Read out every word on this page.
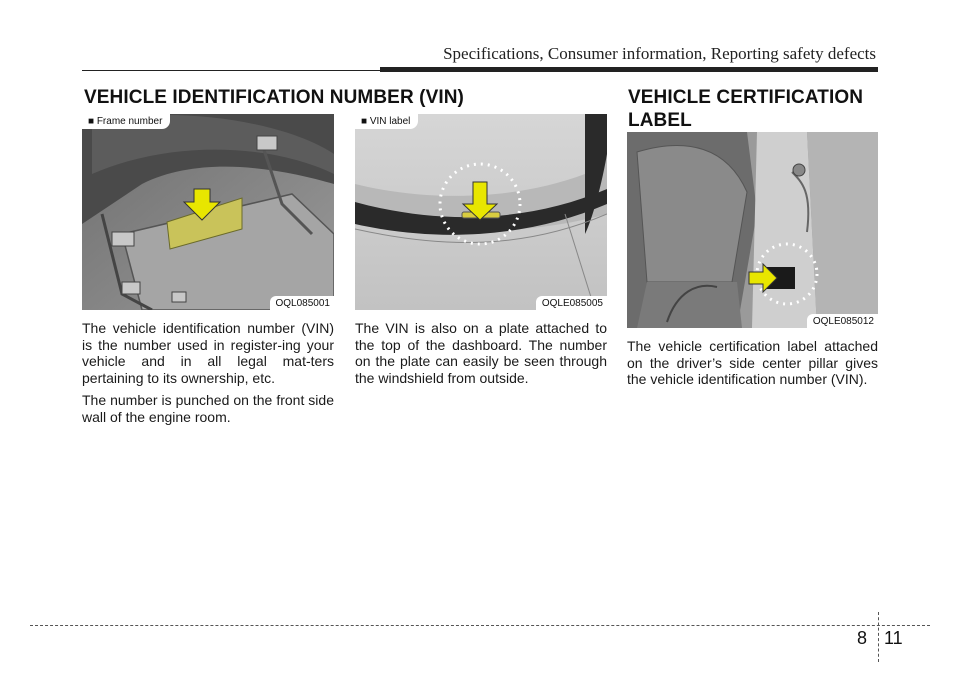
Specifications, Consumer information, Reporting safety defects
VEHICLE IDENTIFICATION NUMBER (VIN)	VEHICLE CERTIFICATION
LABEL
■ Frame number
OQL085001
■ VIN label
OQLE085005
OQLE085012

The vehicle identification number (VIN) is the number used in register-ing your vehicle and in all legal mat-ters pertaining to its ownership, etc.

The number is punched on the front side wall of the engine room.

The VIN is also on a plate attached to the top of the dashboard. The number on the plate can easily be seen through the windshield from outside.

The vehicle certification label attached on the driver’s side center pillar gives the vehicle identification number (VIN).

8 11
